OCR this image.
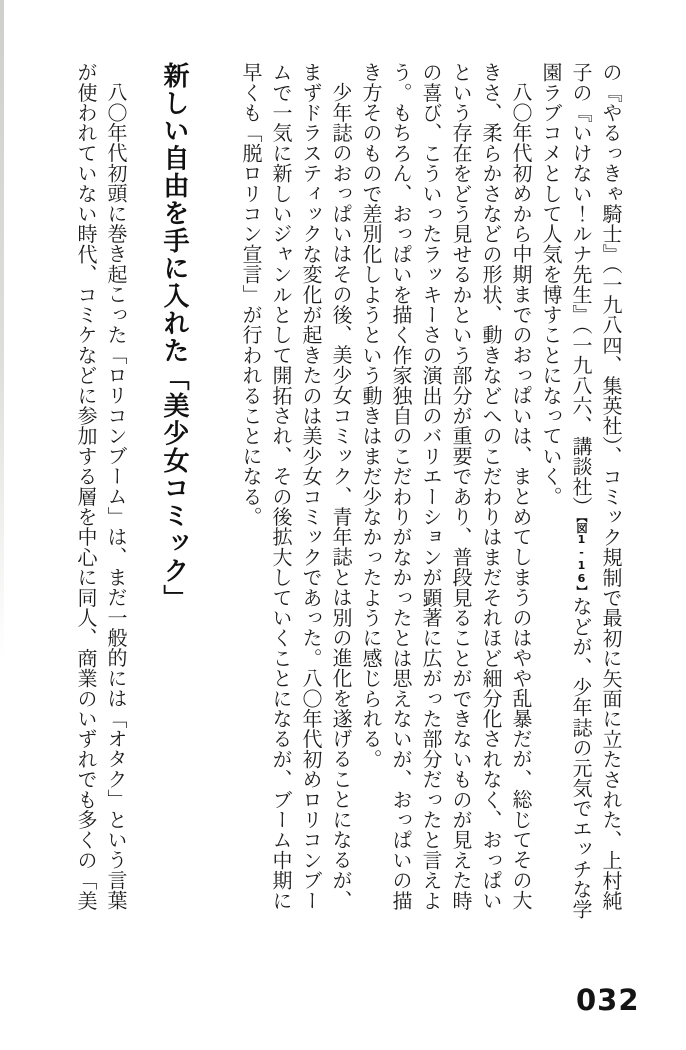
の『やるっきゃ騎士』（一九八四、集英社）、コミック規制で最初に矢面に立たされた、上村純子の『いけない！ルナ先生』（一九八六、講談社）【図1-16】などが、少年誌の元気でエッチな学園ラブコメとして人気を博すことになっていく。

八〇年代初めから中期までのおっぱいは、まとめてしまうのはやや乱暴だが、総じてその大きさ、柔らかさなどの形状、動きなどへのこだわりはまだそれほど細分化されなく、おっぱいという存在をどう見せるかという部分が重要であり、普段見ることができないものが見えた時の喜び、こういったラッキーさの演出のバリエーションが顕著に広がった部分だったと言えよう。もちろん、おっぱいを描く作家独自のこだわりがなかったとは思えないが、おっぱいの描き方そのもので差別化しようという動きはまだ少なかったように感じられる。

少年誌のおっぱいはその後、美少女コミック、青年誌とは別の進化を遂げることになるが、まずドラスティックな変化が起きたのは美少女コミックであった。八〇年代初めロリコンブームで一気に新しいジャンルとして開拓され、その後拡大していくことになるが、ブーム中期に早くも「脱ロリコン宣言」が行われることになる。

新しい自由を手に入れた「美少女コミック」

八〇年代初頭に巻き起こった「ロリコンブーム」は、まだ一般的には「オタク」という言葉が使われていない時代、コミケなどに参加する層を中心に同人、商業のいずれでも多くの「美

032
